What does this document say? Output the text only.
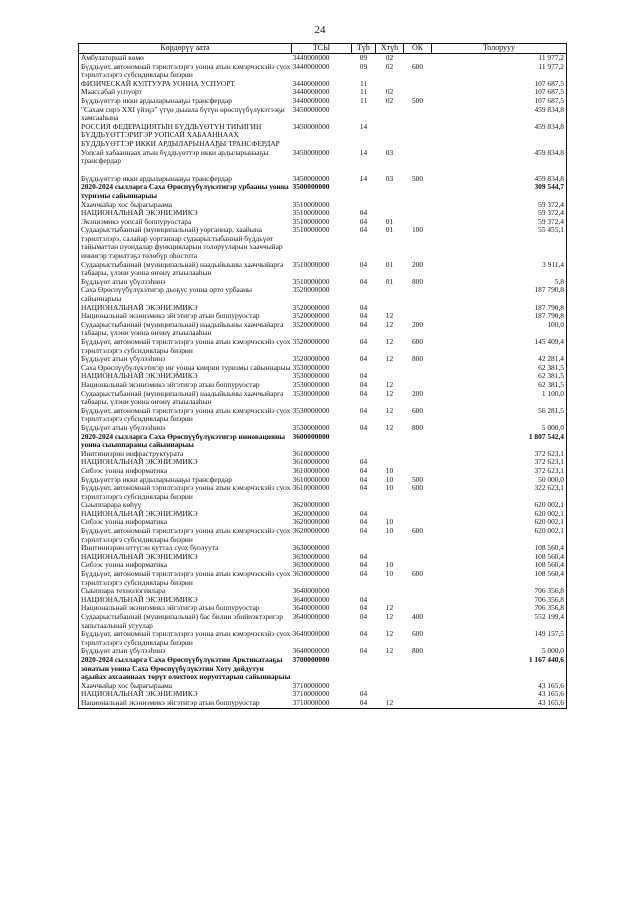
24
Көрдөрүү аата	ТСЫ	Түһ	Хтүһ	ОК	Толорууу
Амбулаторнай көмө	3440000000	09	02		11 977,2
Бүддьүөт, автономнай тэрилтэлэргэ уонна атын кэмэрчэскэйэ суох тэрилтэлэргэ субсидиялары биэрии	3440000000	09	02	600	11 977,2
ФИЗИЧЕСКАЙ КУЛТУУРА УОННА УСПУОРТ	3440000000	11			107 687,5
Маассабай успуорт	3440000000	11	02		107 687,5
Бүддьүөттэр икки ардыларынааҕы трансфердар	3440000000	11	02	500	107 687,5
"Сахам сирэ XXI үйэҕэ" үтүө дьыала бүтүн өрөспүүбүлүкэтээҕи хамсааһына	3450000000				459 834,8
РОССИЯ ФЕДЕРАЦИЯТЫН БҮДДЬҮӨТҮН ТИҺИГИН БҮДДЬҮӨТТЭРИГЭР УОПСАЙ ХАБААННААХ БҮДДЬҮӨТТЭР ИККИ АРДЫЛАРЫНААҔЫ ТРАНСФЕРДАР	3450000000	14			459 834,8
Уопсай хабааннаах атын бүддьүөттэр икки ардыларынааҕы трансфердар	3450000000	14	03		459 834,8

Бүддьүөттэр икки ардыларынааҕы трансфердар	3450000000	14	03	500	459 834,8
2020-2024 сылларга Саха Өрөспүүбүлүкэтигэр урбааны уонна туризмы сайыннарыы	3500000000				309 544,7
Хааччыйар хос бырагыраама	3510000000				59 372,4
НАЦИОНАЛЬНАЙ ЭКЭНИЭМИКЭ	3510000000	04			59 372,4
Экэниэмикэ уопсай боппуруостара	3510000000	04	01		59 372,4
Судаарыстыбаннай (муниципальнай) уорганнар, хаайына тэрилтэлэрэ, салайар уорганнар судаарыстыбаннай бүддьүөт тайыматтан пуондалар функцияларын толорууларын хааччыйар иннигэр тэрилтэҕэ төлөбүр оһостота	3510000000	04	01	100	55 455,1
Судаарыстыбаннай (муниципальнай) наадыйыыны хааччыйарга табаары, үлэни уонна өҥөнү атыылааһын	3510000000	04	01	200	3 911,4
Бүддьүөт атын үбүлээһинэ	3510000000	04	01	800	5,8
Саха Өрөспүүбүлүкэтигэр дьоҕус уонна орто урбааны сайыннарыы	3520000000				187 790,8
НАЦИОНАЛЬНАЙ ЭКЭНИЭМИКЭ	3520000000	04			187 790,8
Национальнай экэниэмикэ эйгэтигэр атын боппуруостар	3520000000	04	12		187 790,8
Судаарыстыбаннай (муниципальнай) наадыйыыны хааччыйарга табаары, үлэни уонна өҥөнү атыылааһын	3520000000	04	12	200	100,0
Бүддьүөт, автономнай тэрилтэлэргэ уонна атын кэмэрчэскэйэ суох тэрилтэлэргэ субсидиялары биэрии	3520000000	04	12	600	145 409,4
Бүддьүөт атын үбүлээһинэ	3520000000	04	12	800	42 281,4
Саха Өрөспүүбүлүкэтигэр иҥ уонна киирии туризмы сайыннарыы	3530000000				62 381,5
НАЦИОНАЛЬНАЙ ЭКЭНИЭМИКЭ	3530000000	04			62 381,5
Национальнай экэниэмикэ эйгэтигэр атын боппуруостар	3530000000	04	12		62 381,5
Судаарыстыбаннай (муниципальнай) наадыйыыны хааччыйарга табаары, үлэни уонна өҥөнү атыылааһын	3530000000	04	12	200	1 100,0
Бүддьүөт, автономнай тэрилтэлэргэ уонна атын кэмэрчэскэйэ суох тэрилтэлэргэ субсидиялары биэрии	3530000000	04	12	600	56 281,5
Бүддьүөт атын үбүлээһинэ	3530000000	04	12	800	5 000,0
2020-2024 сылларга Саха Өрөспүүбүлүкэтигэр инновацияны уонна сыыппараны сайыннарыы	3600000000				1 807 542,4
Инитиниэрин инфраструктурата	3610000000				372 623,1
НАЦИОНАЛЬНАЙ ЭКЭНИЭМИКЭ	3610000000	04			372 623,1
Сибээс уонна информатика	3610000000	04	10		372 623,1
Бүддьүөттэр икки ардыларынааҕы трансфердар	3610000000	04	10	500	50 000,0
Бүддьүөт, автономнай тэрилтэлэргэ уонна атын кэмэрчэскэйэ суох тэрилтэлэргэ субсидиялары биэрии	3610000000	04	10	600	322 623,1
Сыыппарара көһүү	3620000000				620 002,1
НАЦИОНАЛЬНАЙ ЭКЭНИЭМИКЭ	3620000000	04			620 002,1
Сибээс уонна информатика	3620000000	04	10		620 002,1
Бүддьүөт, автономнай тэрилтэлэргэ уонна атын кэмэрчэскэйэ суох тэрилтэлэргэ субсидиялары биэрии	3620000000	04	10	600	620 002,1
Инитиниэрин өттүгэн куттал суох буолуута	3630000000				108 560,4
НАЦИОНАЛЬНАЙ ЭКЭНИЭМИКЭ	3630000000	04			108 560,4
Сибээс уонна информатика	3630000000	04	10		108 560,4
Бүддьүөт, автономнай тэрилтэлэргэ уонна атын кэмэрчэскэйэ суох тэрилтэлэргэ субсидиялары биэрии	3630000000	04	10	600	108 560,4
Сыыппара технологиялара	3640000000				706 356,8
НАЦИОНАЛЬНАЙ ЭКЭНИЭМИКЭ	3640000000	04			706 356,8
Национальнай экэниэмикэ эйгэтигэр атын боппуруостар	3640000000	04	12		706 356,8
Судаарыстыбаннай (муниципальнай) бас билии эбийиэктэригэр хапытаалынай угуулар	3640000000	04	12	400	552 199,4
Бүддьүөт, автономнай тэрилтэлэргэ уонна атын кэмэрчэскэйэ суох тэрилтэлэргэ субсидиялары биэрии	3640000000	04	12	600	149 157,5
Бүддьүөт атын үбүлээһинэ	3640000000	04	12	800	5 000,0
2020-2024 сылларга Саха Өрөспүүбүлүкэтин Арктикатааҕы зонатын уонна Саха Өрөспүүбүлүкэтин Хоту дойдутун аҕыйах ахсааннаах төрүт олохтоох норуоттарын сайыннарыы	3700000000				1 167 440,6
Хааччыйар хос бырагыраама	3710000000				43 165,6
НАЦИОНАЛЬНАЙ ЭКЭНИЭМИКЭ	3710000000	04			43 165,6
Национальнай экэниэмикэ эйгэтигэр атын боппуруостар	3710000000	04	12		43 165,6
